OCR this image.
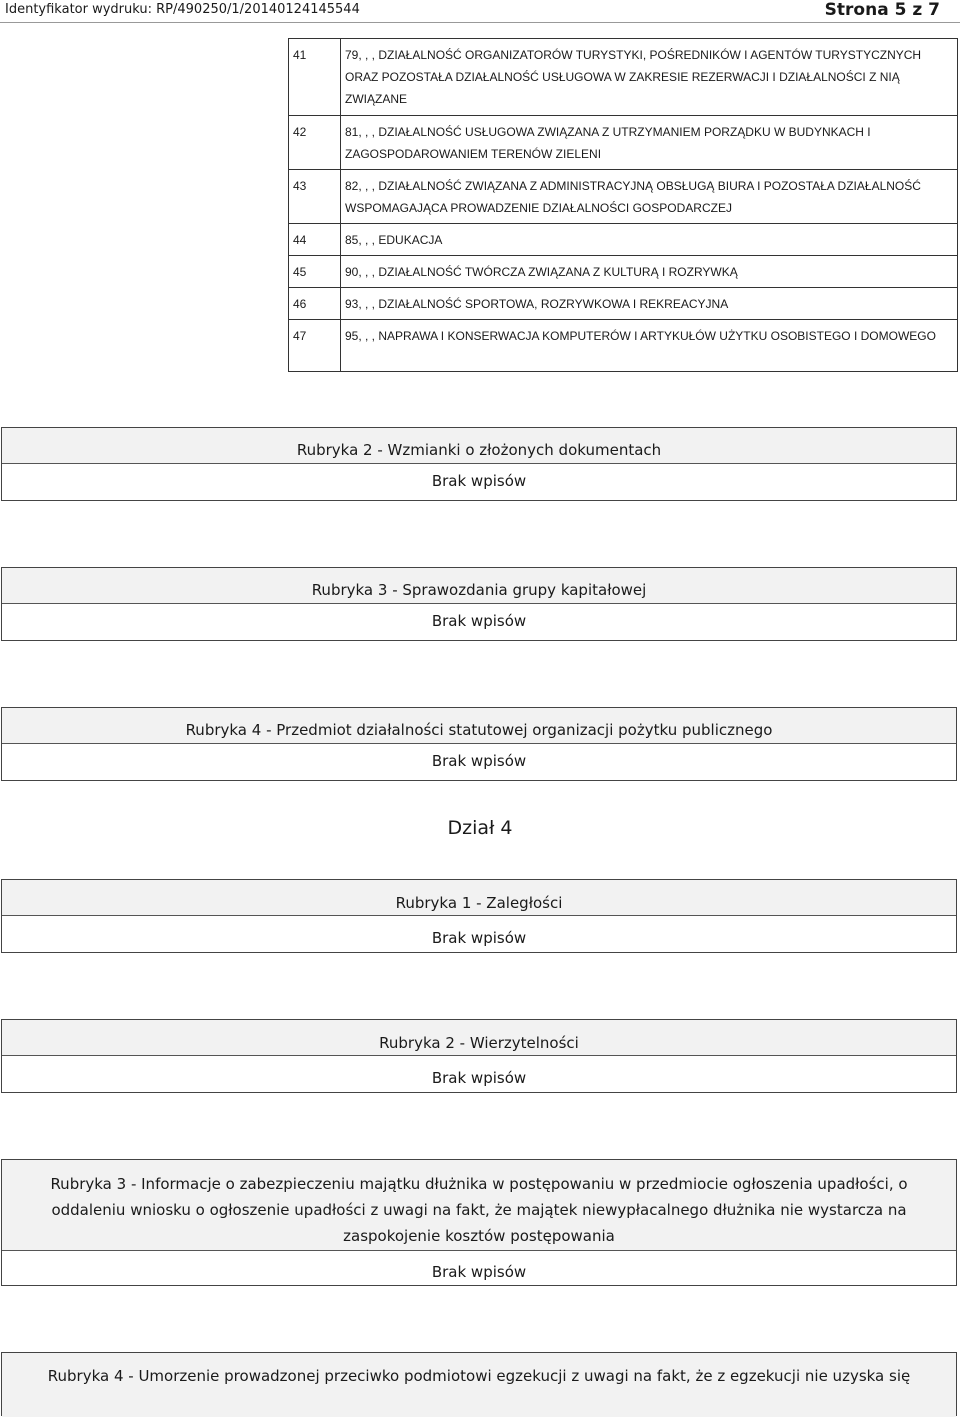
Identyfikator wydruku: RP/490250/1/20140124145544	Strona 5 z 7
41	79, , , DZIAŁALNOŚĆ ORGANIZATORÓW TURYSTYKI, POŚREDNIKÓW I AGENTÓW TURYSTYCZNYCH ORAZ POZOSTAŁA DZIAŁALNOŚĆ USŁUGOWA W ZAKRESIE REZERWACJI I DZIAŁALNOŚCI Z NIĄ ZWIĄZANE

42	81, , , DZIAŁALNOŚĆ USŁUGOWA ZWIĄZANA Z UTRZYMANIEM PORZĄDKU W BUDYNKACH I ZAGOSPODAROWANIEM TERENÓW ZIELENI

43	82, , , DZIAŁALNOŚĆ ZWIĄZANA Z ADMINISTRACYJNĄ OBSŁUGĄ BIURA I POZOSTAŁA DZIAŁALNOŚĆ WSPOMAGAJĄCA PROWADZENIE DZIAŁALNOŚCI GOSPODARCZEJ

44	85, , , EDUKACJA

45	90, , , DZIAŁALNOŚĆ TWÓRCZA ZWIĄZANA Z KULTURĄ I ROZRYWKĄ

46	93, , , DZIAŁALNOŚĆ SPORTOWA, ROZRYWKOWA I REKREACYJNA

47	95, , , NAPRAWA I KONSERWACJA KOMPUTERÓW I ARTYKUŁÓW UŻYTKU OSOBISTEGO I DOMOWEGO
Rubryka 2 - Wzmianki o złożonych dokumentach
Brak wpisów
Rubryka 3 - Sprawozdania grupy kapitałowej
Brak wpisów
Rubryka 4 - Przedmiot działalności statutowej organizacji pożytku publicznego
Brak wpisów
Dział 4
Rubryka 1 - Zaległości
Brak wpisów
Rubryka 2 - Wierzytelności
Brak wpisów
Rubryka 3 - Informacje o zabezpieczeniu majątku dłużnika w postępowaniu w przedmiocie ogłoszenia upadłości, o
oddaleniu wniosku o ogłoszenie upadłości z uwagi na fakt, że majątek niewypłacalnego dłużnika nie wystarcza na
zaspokojenie kosztów postępowania
Brak wpisów
Rubryka 4 - Umorzenie prowadzonej przeciwko podmiotowi egzekucji z uwagi na fakt, że z egzekucji nie uzyska się
